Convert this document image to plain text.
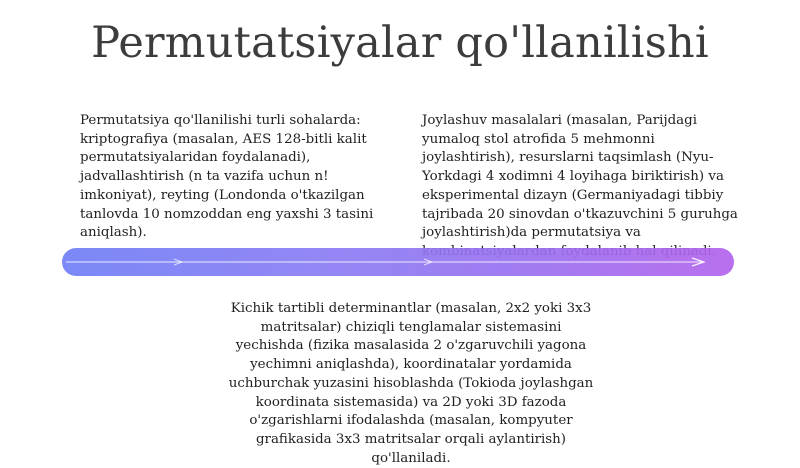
Permutatsiyalar qo'llanilishi
Permutatsiya qo'llanilishi turli sohalarda: kriptografiya (masalan, AES 128-bitli kalit permutatsiyalaridan foydalanadi), jadvallashtirish (n ta vazifa uchun n! imkoniyat), reyting (Londonda o'tkazilgan tanlovda 10 nomzoddan eng yaxshi 3 tasini aniqlash).
Joylashuv masalalari (masalan, Parijdagi yumaloq stol atrofida 5 mehmonni joylashtirish), resurslarni taqsimlash (Nyu-Yorkdagi 4 xodimni 4 loyihaga biriktirish) va eksperimental dizayn (Germaniyadagi tibbiy tajribada 20 sinovdan o'tkazuvchini 5 guruhga joylashtirish)da permutatsiya va
Kichik tartibli determinantlar (masalan, 2x2 yoki 3x3 matritsalar) chiziqli tenglamalar sistemasini yechishda (fizika masalasida 2 o'zgaruvchili yagona yechimni aniqlashda), koordinatalar yordamida uchburchak yuzasini hisoblashda (Tokioda joylashgan koordinata sistemasida) va 2D yoki 3D fazoda o'zgarishlarni ifodalashda (masalan, kompyuter grafikasida 3x3 matritsalar orqali aylantirish) qo'llaniladi.
